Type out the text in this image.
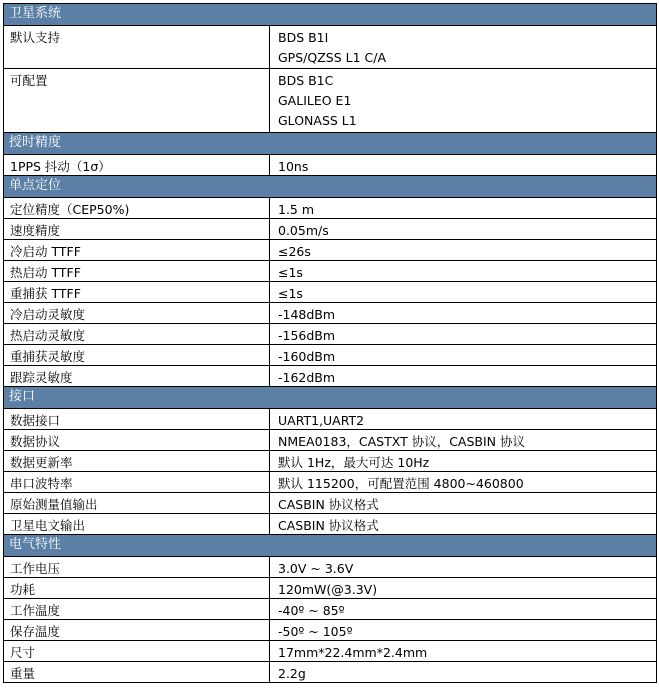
卫星系统
默认支持	BDS B1I
GPS/QZSS L1 C/A
可配置	BDS B1C
GALILEO E1
GLONASS L1
授时精度
1PPS 抖动（1σ）	10ns
单点定位
定位精度（CEP50%)	1.5 m
速度精度	0.05m/s
冷启动 TTFF	≤26s
热启动 TTFF	≤1s
重捕获 TTFF	≤1s
冷启动灵敏度	-148dBm
热启动灵敏度	-156dBm
重捕获灵敏度	-160dBm
跟踪灵敏度	-162dBm
接口
数据接口	UART1,UART2
数据协议	NMEA0183，CASTXT 协议，CASBIN 协议
数据更新率	默认 1Hz，最大可达 10Hz
串口波特率	默认 115200，可配置范围 4800~460800
原始测量值输出	CASBIN 协议格式
卫星电文输出	CASBIN 协议格式
电气特性
工作电压	3.0V ~ 3.6V
功耗	120mW(@3.3V)
工作温度	-40º ~ 85º
保存温度	-50º ~ 105º
尺寸	17mm*22.4mm*2.4mm
重量	2.2g
